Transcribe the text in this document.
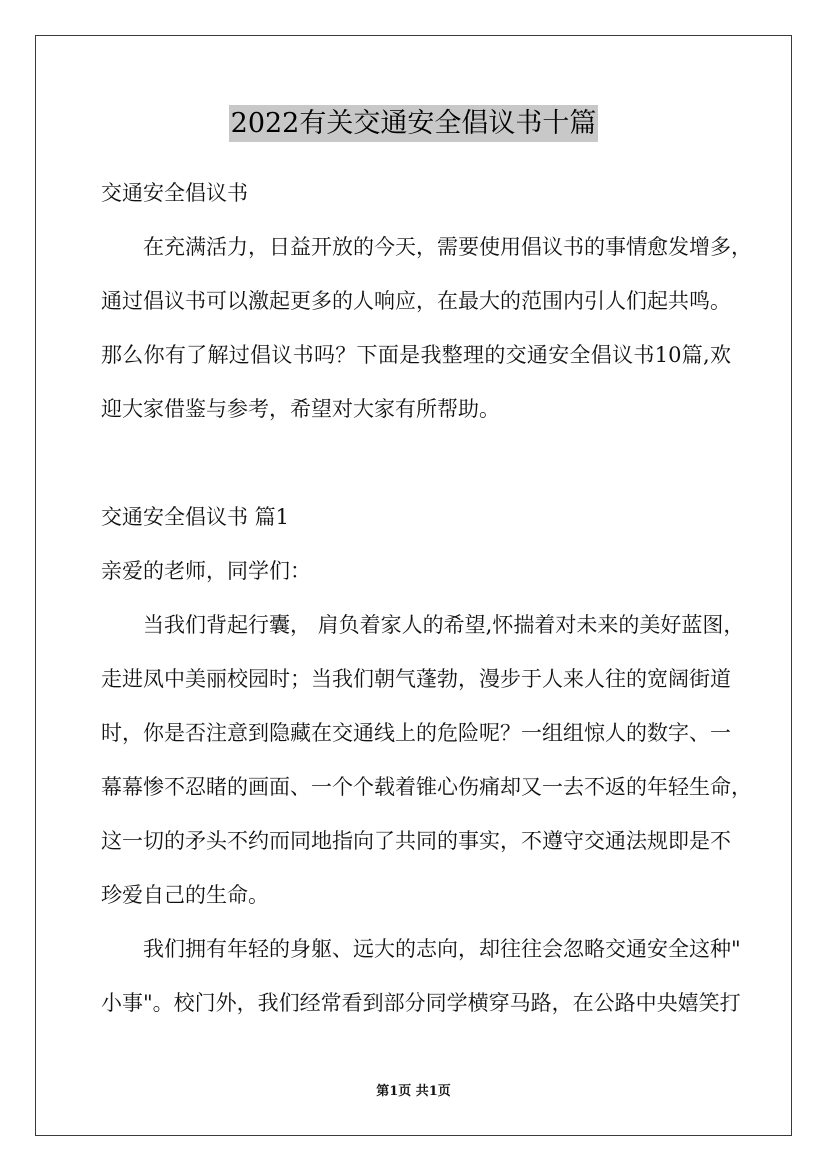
2022有关交通安全倡议书十篇
交通安全倡议书
在充满活力，日益开放的今天，需要使用倡议书的事情愈发增多，
通过倡议书可以激起更多的人响应，在最大的范围内引人们起共鸣。
那么你有了解过倡议书吗？下面是我整理的交通安全倡议书10篇,欢
迎大家借鉴与参考，希望对大家有所帮助。
交通安全倡议书 篇1
亲爱的老师，同学们：
当我们背起行囊， 肩负着家人的希望,怀揣着对未来的美好蓝图，
走进凤中美丽校园时；当我们朝气蓬勃，漫步于人来人往的宽阔街道
时，你是否注意到隐藏在交通线上的危险呢？一组组惊人的数字、一
幕幕惨不忍睹的画面、一个个载着锥心伤痛却又一去不返的年轻生命，
这一切的矛头不约而同地指向了共同的事实，不遵守交通法规即是不
珍爱自己的生命。
我们拥有年轻的身躯、远大的志向，却往往会忽略交通安全这种"
小事"。校门外，我们经常看到部分同学横穿马路，在公路中央嬉笑打
第1页 共1页
